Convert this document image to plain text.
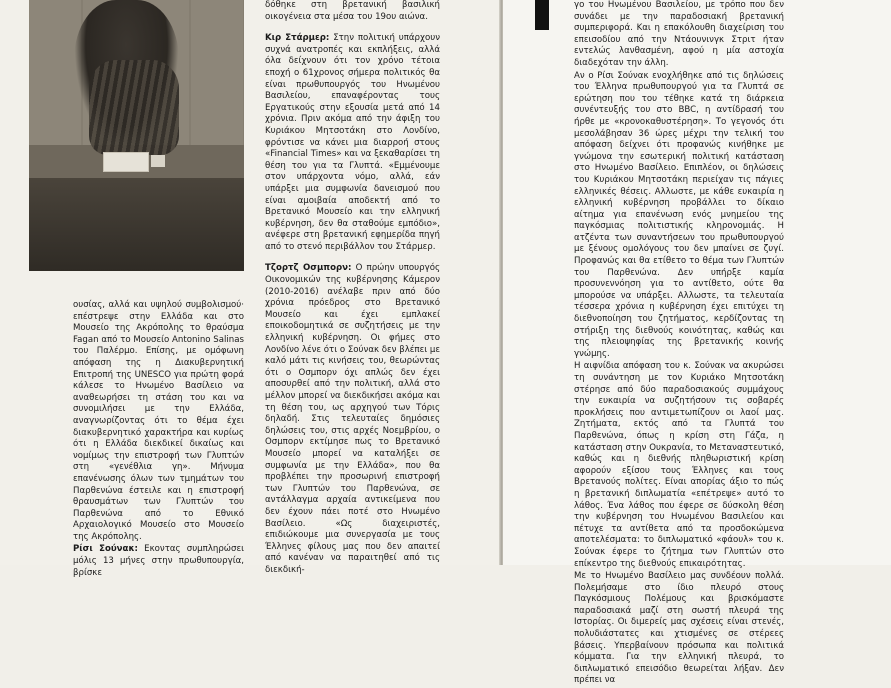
ουσίας, αλλά και υψηλού συμβολισμού· επέστρεψε στην Ελλάδα και στο Μουσείο της Ακρόπολης το θραύσμα Fagan από το Μουσείο Antonino Salinas του Παλέρμο. Επίσης, με ομόφωνη απόφαση της η Διακυβερνητική Επιτροπή της UNESCO για πρώτη φορά κάλεσε το Ηνωμένο Βασίλειο να αναθεωρήσει τη στάση του και να συνομιλήσει με την Ελλάδα, αναγνωρίζοντας ότι το θέμα έχει διακυβερνητικό χαρακτήρα και κυρίως ότι η Ελλάδα διεκδικεί δικαίως και νομίμως την επιστροφή των Γλυπτών στη «γενέθλια γη». Μήνυμα επανένωσης όλων των τμημάτων του Παρθενώνα έστειλε και η επιστροφή θραυσμάτων των Γλυπτών του Παρθενώνα από το Εθνικό Αρχαιολογικό Μουσείο στο Μουσείο της Ακρόπολης.

Ρίσι Σούνακ: Εκοντας συμπληρώσει μόλις 13 μήνες στην πρωθυπουργία, βρίσκε

δόθηκε στη βρετανική βασιλική οικογένεια στα μέσα του 19ου αιώνα.

Κιρ Στάρμερ: Στην πολιτική υπάρχουν συχνά ανατροπές και εκπλήξεις, αλλά όλα δείχνουν ότι τον χρόνο τέτοια εποχή ο 61χρονος σήμερα πολιτικός θα είναι πρωθυπουργός του Ηνωμένου Βασιλείου, επαναφέροντας τους Εργατικούς στην εξουσία μετά από 14 χρόνια. Πριν ακόμα από την άφιξη του Κυριάκου Μητσοτάκη στο Λονδίνο, φρόντισε να κάνει μια διαρροή στους «Financial Times» και να ξεκαθαρίσει τη θέση του για τα Γλυπτά. «Εμμένουμε στον υπάρχοντα νόμο, αλλά, εάν υπάρξει μια συμφωνία δανεισμού που είναι αμοιβαία αποδεκτή από το Βρετανικό Μουσείο και την ελληνική κυβέρνηση, δεν θα σταθούμε εμπόδιο», ανέφερε στη βρετανική εφημερίδα πηγή από το στενό περιβάλλον του Στάρμερ.

Τζορτζ Οσμπορν: Ο πρώην υπουργός Οικονομικών της κυβέρνησης Κάμερον (2010-2016) ανέλαβε πριν από δύο χρόνια πρόεδρος στο Βρετανικό Μουσείο και έχει εμπλακεί εποικοδομητικά σε συζητήσεις με την ελληνική κυβέρνηση. Οι φήμες στο Λονδίνο λένε ότι ο Σούνακ δεν βλέπει με καλό μάτι τις κινήσεις του, θεωρώντας ότι ο Οσμπορν όχι απλώς δεν έχει αποσυρθεί από την πολιτική, αλλά στο μέλλον μπορεί να διεκδικήσει ακόμα και τη θέση του, ως αρχηγού των Τόρις δηλαδή. Στις τελευταίες δημόσιες δηλώσεις του, στις αρχές Νοεμβρίου, ο Οσμπορν εκτίμησε πως το Βρετανικό Μουσείο μπορεί να καταλήξει σε συμφωνία με την Ελλάδα», που θα προβλέπει την προσωρινή επιστροφή των Γλυπτών του Παρθενώνα, σε αντάλλαγμα αρχαία αντικείμενα που δεν έχουν πάει ποτέ στο Ηνωμένο Βασίλειο. «Ως διαχειριστές, επιδιώκουμε μια συνεργασία με τους Έλληνες φίλους μας που δεν απαιτεί από κανέναν να παραιτηθεί από τις διεκδική-

γο του Ηνωμένου Βασιλείου, με τρόπο που δεν συνάδει με την παραδοσιακή βρετανική συμπεριφορά. Και η επακόλουθη διαχείριση του επεισοδίου από την Ντάουνινγκ Στριτ ήταν εντελώς λανθασμένη, αφού η μία αστοχία διαδεχόταν την άλλη.

Αν ο Ρίσι Σούνακ ενοχλήθηκε από τις δηλώσεις του Έλληνα πρωθυπουργού για τα Γλυπτά σε ερώτηση που του τέθηκε κατά τη διάρκεια συνέντευξής του στο BBC, η αντίδρασή του ήρθε με «κρονοκαθυστέρηση». Το γεγονός ότι μεσολάβησαν 36 ώρες μέχρι την τελική του απόφαση δείχνει ότι προφανώς κινήθηκε με γνώμονα την εσωτερική πολιτική κατάσταση στο Ηνωμένο Βασίλειο. Επιπλέον, οι δηλώσεις του Κυριάκου Μητσοτάκη περιείχαν τις πάγιες ελληνικές θέσεις. Αλλωστε, με κάθε ευκαιρία η ελληνική κυβέρνηση προβάλλει το δίκαιο αίτημα για επανένωση ενός μνημείου της παγκόσμιας πολιτιστικής κληρονομιάς. Η ατζέντα των συναντήσεων του πρωθυπουργού με ξένους ομολόγους του δεν μπαίνει σε ζυγί. Προφανώς και θα ετίθετο το θέμα των Γλυπτών του Παρθενώνα. Δεν υπήρξε καμία προσυνεννόηση για το αντίθετο, ούτε θα μπορούσε να υπάρξει. Αλλωστε, τα τελευταία τέσσερα χρόνια η κυβέρνηση έχει επιτύχει τη διεθνοποίηση του ζητήματος, κερδίζοντας τη στήριξη της διεθνούς κοινότητας, καθώς και της πλειοψηφίας της βρετανικής κοινής γνώμης.

Η αιφνίδια απόφαση του κ. Σούνακ να ακυρώσει τη συνάντηση με τον Κυριάκο Μητσοτάκη στέρησε από δύο παραδοσιακούς συμμάχους την ευκαιρία να συζητήσουν τις σοβαρές προκλήσεις που αντιμετωπίζουν οι λαοί μας. Ζητήματα, εκτός από τα Γλυπτά του Παρθενώνα, όπως η κρίση στη Γάζα, η κατάσταση στην Ουκρανία, το Μεταναστευτικό, καθώς και η διεθνής πληθωριστική κρίση αφορούν εξίσου τους Έλληνες και τους Βρετανούς πολίτες. Είναι απορίας άξιο το πώς η βρετανική διπλωματία «επέτρεψε» αυτό το λάθος. Ένα λάθος που έφερε σε δύσκολη θέση την κυβέρνηση του Ηνωμένου Βασιλείου και πέτυχε τα αντίθετα από τα προσδοκώμενα αποτελέσματα: το διπλωματικό «φάουλ» του κ. Σούνακ έφερε το ζήτημα των Γλυπτών στο επίκεντρο της διεθνούς επικαιρότητας.

Με το Ηνωμένο Βασίλειο μας συνδέουν πολλά. Πολεμήσαμε στο ίδιο πλευρό στους Παγκόσμιους Πολέμους και βρισκόμαστε παραδοσιακά μαζί στη σωστή πλευρά της Ιστορίας. Οι διμερείς μας σχέσεις είναι στενές, πολυδιάστατες και χτισμένες σε στέρεες βάσεις. Υπερβαίνουν πρόσωπα και πολιτικά κόμματα. Για την ελληνική πλευρά, το διπλωματικό επεισόδιο θεωρείται λήξαν. Δεν πρέπει να
